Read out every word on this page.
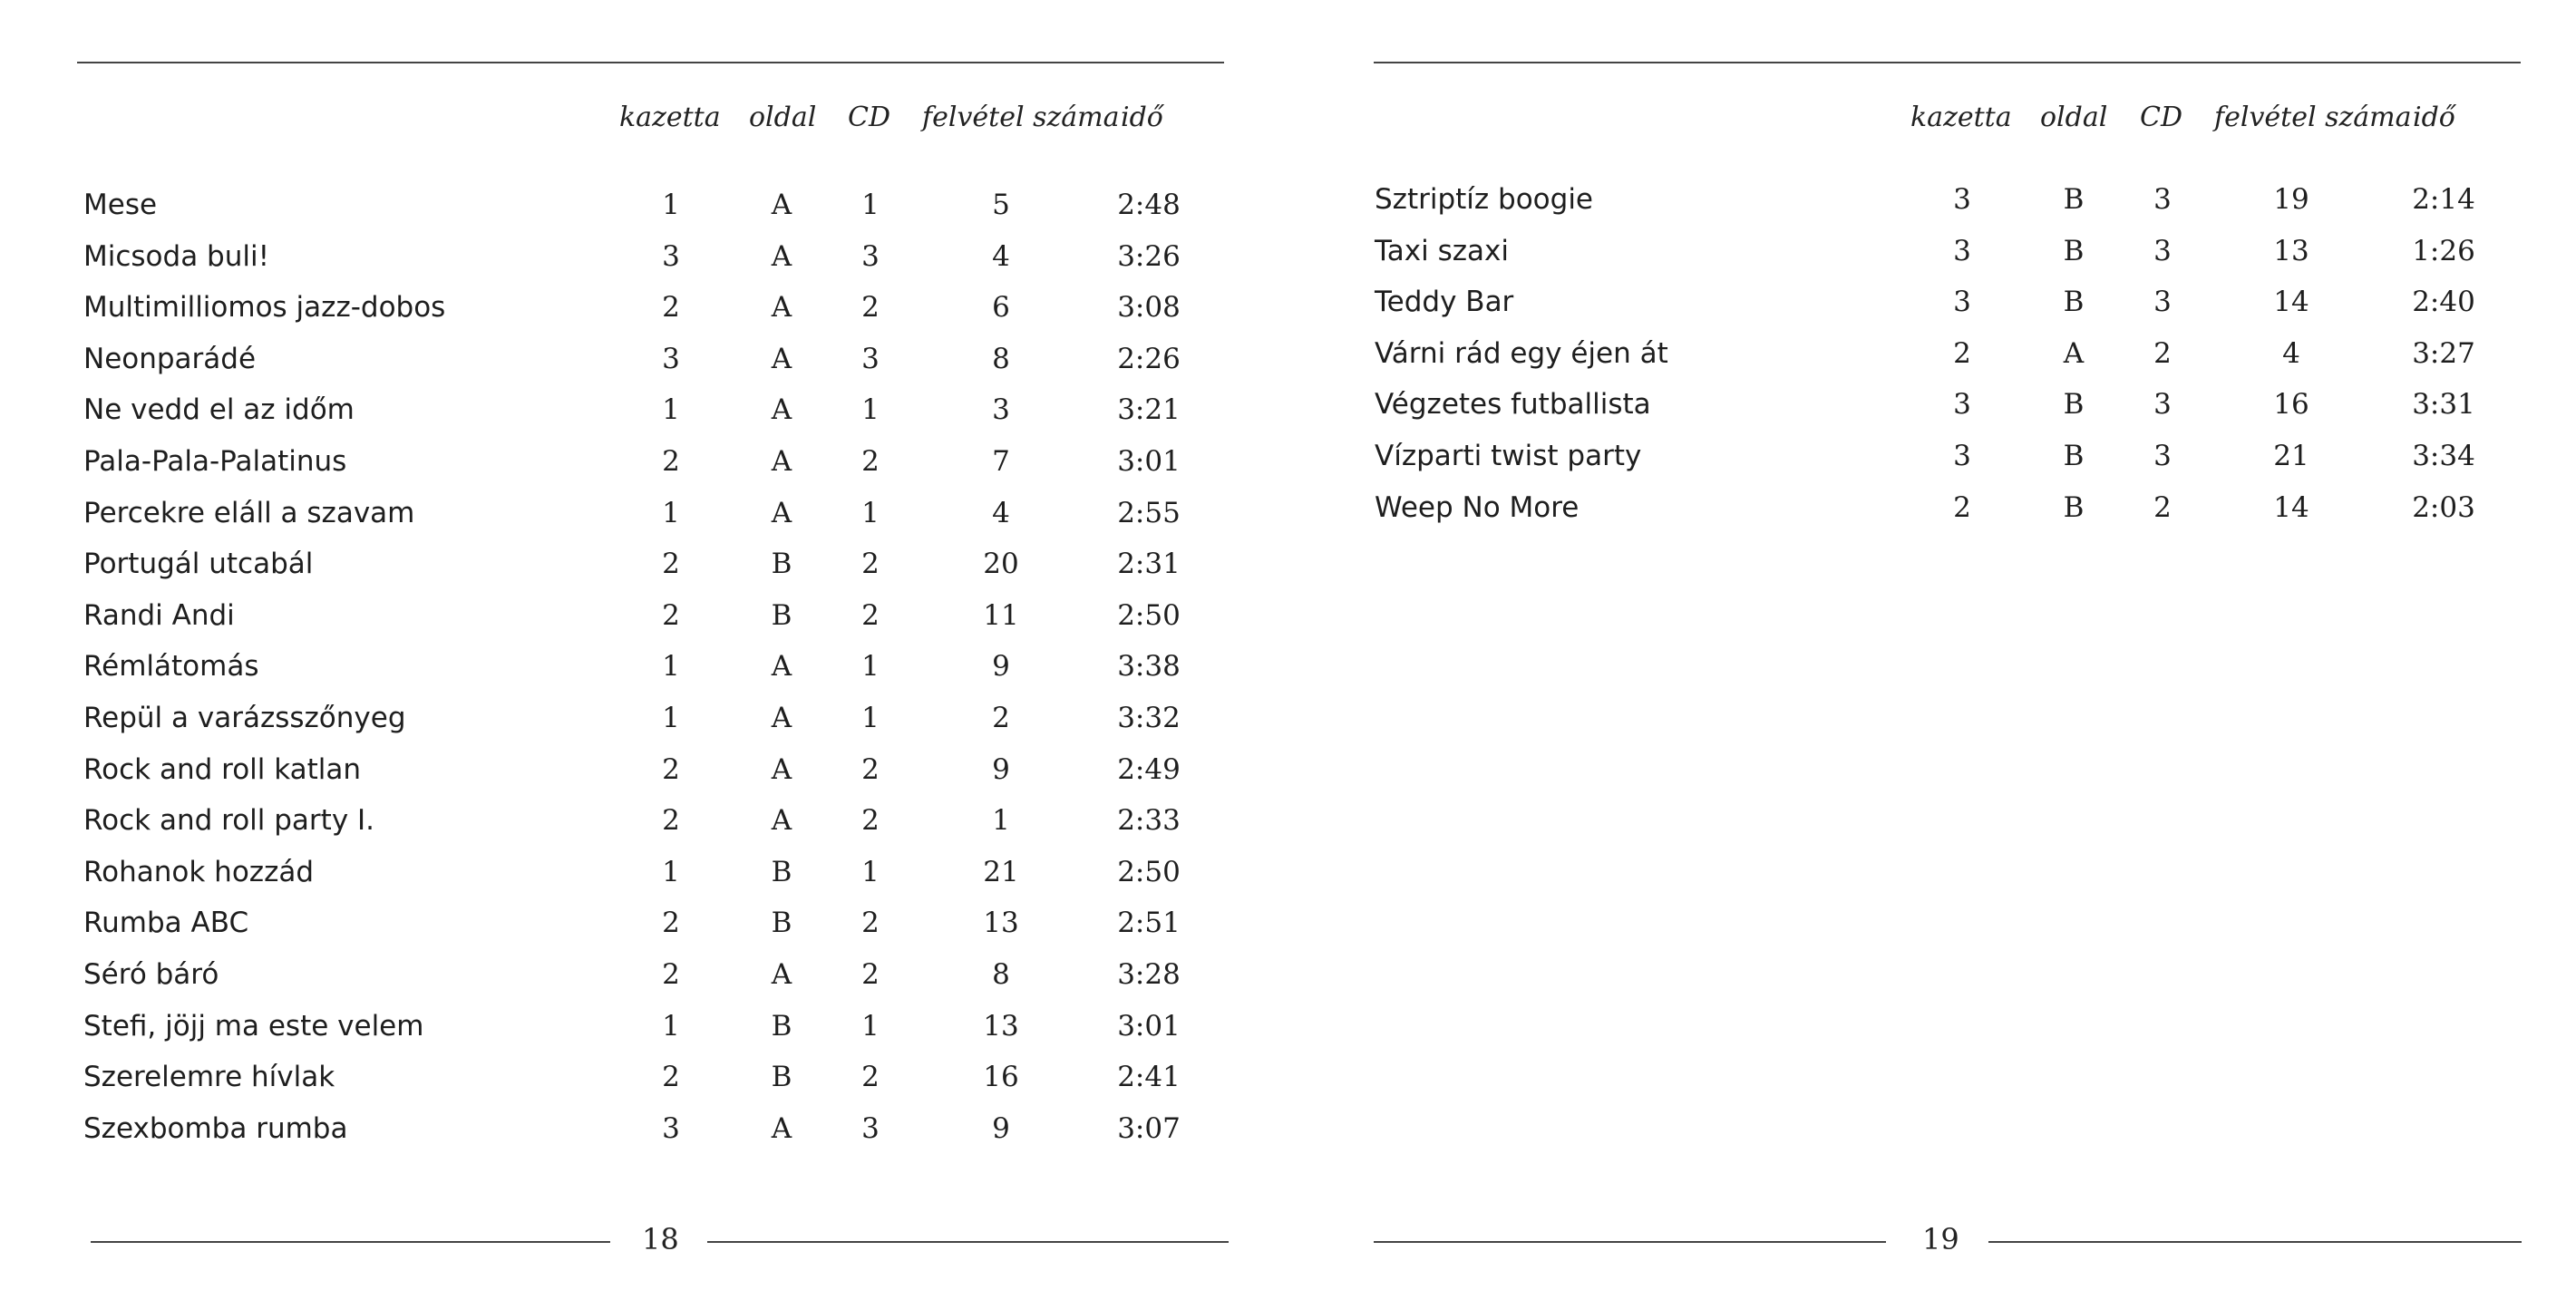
kazetta oldal CD felvétel száma idő
Mese	1	A	1	5	2:48
Micsoda buli!	3	A	3	4	3:26
Multimilliomos jazz-dobos	2	A	2	6	3:08
Neonparádé	3	A	3	8	2:26
Ne vedd el az időm	1	A	1	3	3:21
Pala-Pala-Palatinus	2	A	2	7	3:01
Percekre eláll a szavam	1	A	1	4	2:55
Portugál utcabál	2	B	2	20	2:31
Randi Andi	2	B	2	11	2:50
Rémlátomás	1	A	1	9	3:38
Repül a varázsszőnyeg	1	A	1	2	3:32
Rock and roll katlan	2	A	2	9	2:49
Rock and roll party I.	2	A	2	1	2:33
Rohanok hozzád	1	B	1	21	2:50
Rumba ABC	2	B	2	13	2:51
Séró báró	2	A	2	8	3:28
Stefi, jöjj ma este velem	1	B	1	13	3:01
Szerelemre hívlak	2	B	2	16	2:41
Szexbomba rumba	3	A	3	9	3:07
18
kazetta oldal CD felvétel száma idő
Sztriptíz boogie	3	B	3	19	2:14
Taxi szaxi	3	B	3	13	1:26
Teddy Bar	3	B	3	14	2:40
Várni rád egy éjen át	2	A	2	4	3:27
Végzetes futballista	3	B	3	16	3:31
Vízparti twist party	3	B	3	21	3:34
Weep No More	2	B	2	14	2:03
19
